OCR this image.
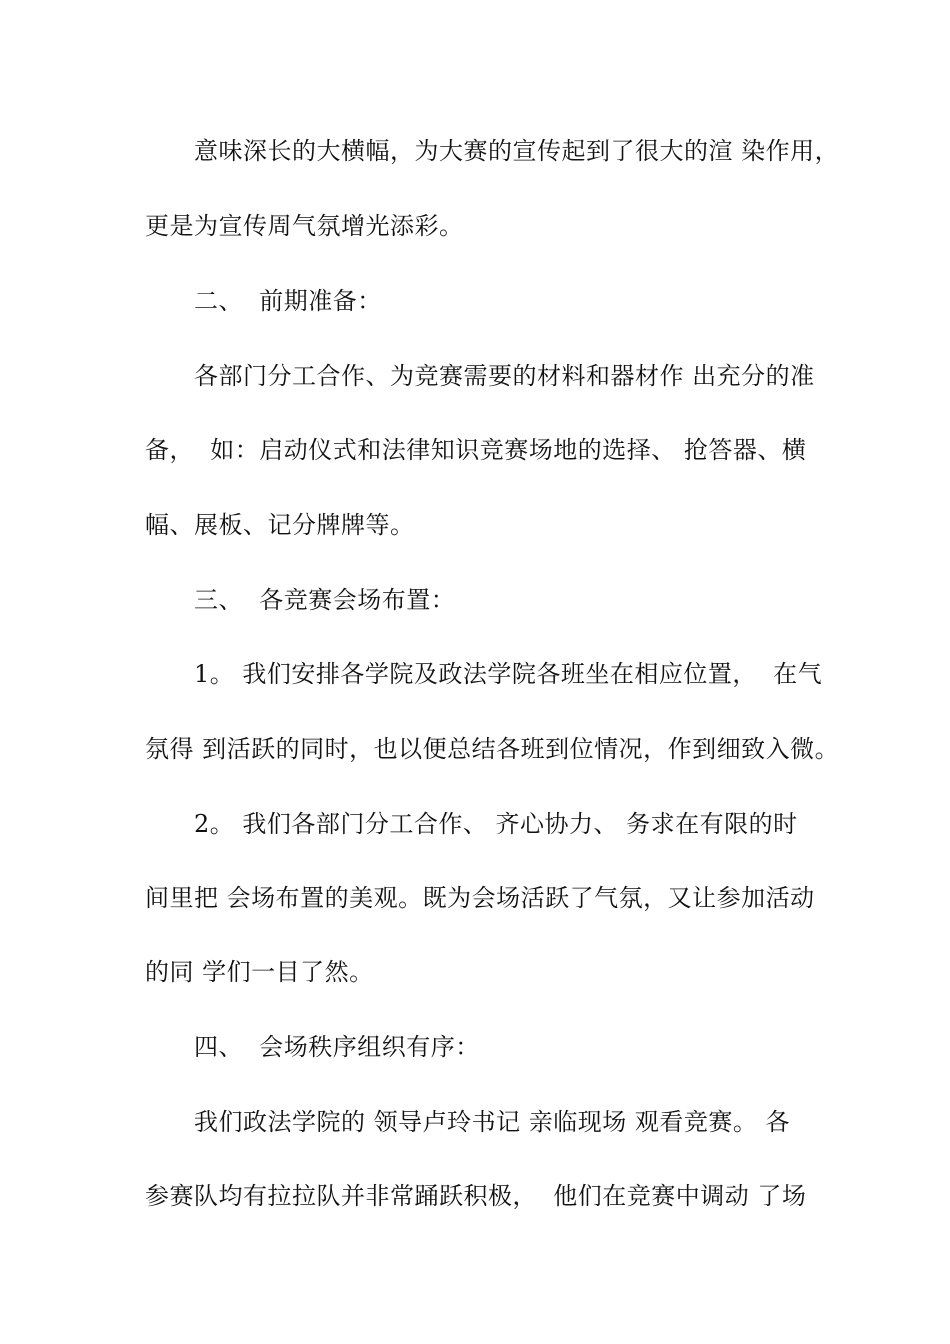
意味深长的大横幅，为大赛的宣传起到了很大的渲 染作用，
更是为宣传周气氛增光添彩。
二、  前期准备：
各部门分工合作、为竞赛需要的材料和器材作 出充分的准
备，  如：启动仪式和法律知识竞赛场地的选择、 抢答器、横
幅、展板、记分牌牌等。
三、  各竞赛会场布置：
1。 我们安排各学院及政法学院各班坐在相应位置，  在气
氛得 到活跃的同时，也以便总结各班到位情况，作到细致入微。
2。 我们各部门分工合作、 齐心协力、 务求在有限的时
间里把 会场布置的美观。既为会场活跃了气氛，又让参加活动
的同 学们一目了然。
四、  会场秩序组织有序：
我们政法学院的 领导卢玲书记 亲临现场 观看竞赛。 各
参赛队均有拉拉队并非常踊跃积极，  他们在竞赛中调动 了场
